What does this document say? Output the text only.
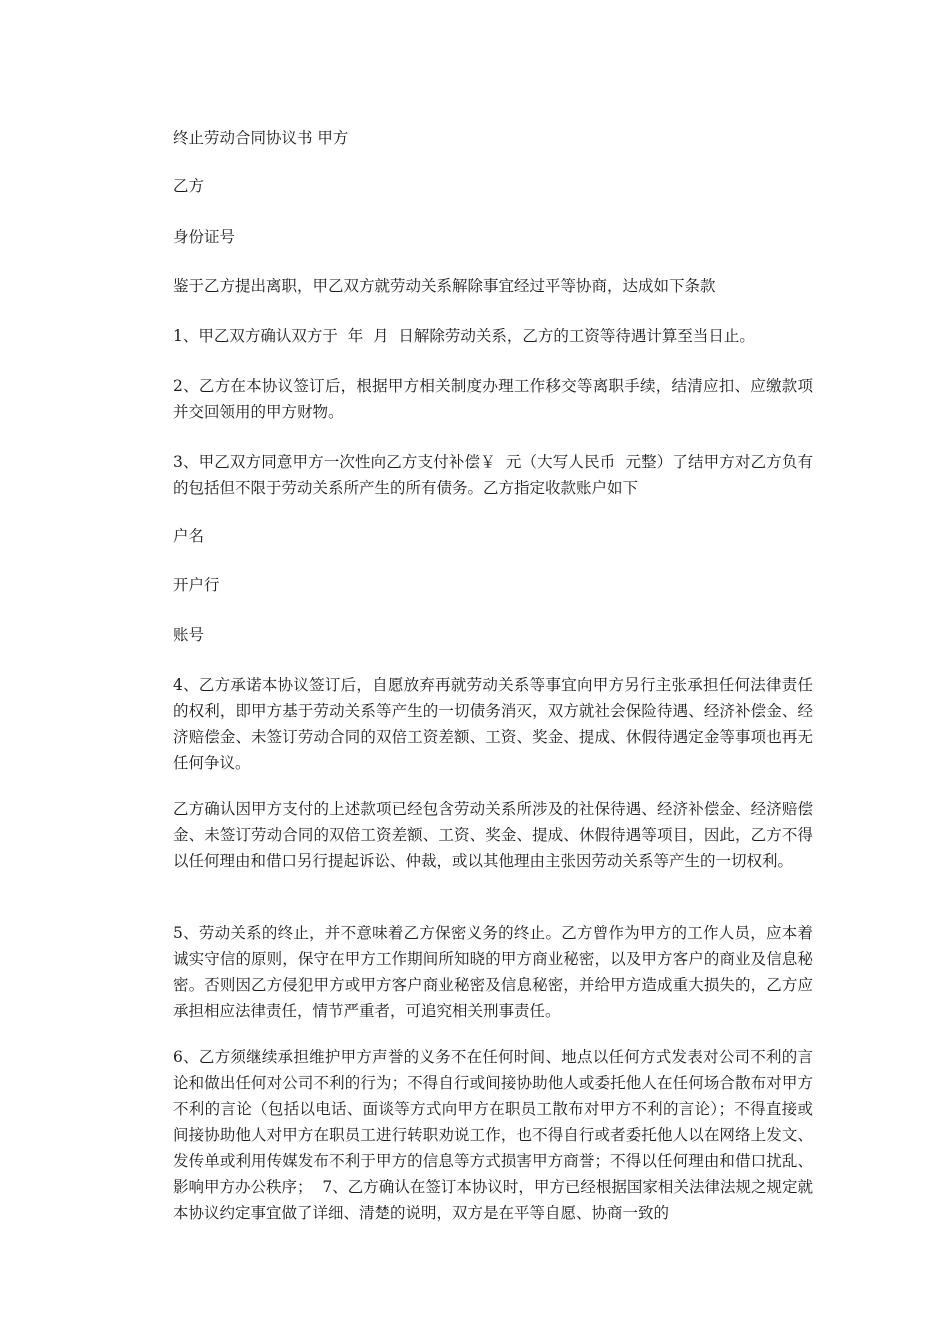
终止劳动合同协议书 甲方

乙方

身份证号

鉴于乙方提出离职，甲乙双方就劳动关系解除事宜经过平等协商，达成如下条款

1、甲乙双方确认双方于  年  月  日解除劳动关系，乙方的工资等待遇计算至当日止。

2、乙方在本协议签订后，根据甲方相关制度办理工作移交等离职手续，结清应扣、应缴款项并交回领用的甲方财物。

3、甲乙双方同意甲方一次性向乙方支付补偿￥  元（大写人民币  元整）了结甲方对乙方负有的包括但不限于劳动关系所产生的所有债务。乙方指定收款账户如下

户名

开户行

账号

4、乙方承诺本协议签订后，自愿放弃再就劳动关系等事宜向甲方另行主张承担任何法律责任的权利，即甲方基于劳动关系等产生的一切债务消灭，双方就社会保险待遇、经济补偿金、经济赔偿金、未签订劳动合同的双倍工资差额、工资、奖金、提成、休假待遇定金等事项也再无任何争议。

乙方确认因甲方支付的上述款项已经包含劳动关系所涉及的社保待遇、经济补偿金、经济赔偿金、未签订劳动合同的双倍工资差额、工资、奖金、提成、休假待遇等项目，因此，乙方不得以任何理由和借口另行提起诉讼、仲裁，或以其他理由主张因劳动关系等产生的一切权利。

5、劳动关系的终止，并不意味着乙方保密义务的终止。乙方曾作为甲方的工作人员，应本着诚实守信的原则，保守在甲方工作期间所知晓的甲方商业秘密，以及甲方客户的商业及信息秘密。否则因乙方侵犯甲方或甲方客户商业秘密及信息秘密，并给甲方造成重大损失的，乙方应承担相应法律责任，情节严重者，可追究相关刑事责任。

6、乙方须继续承担维护甲方声誉的义务不在任何时间、地点以任何方式发表对公司不利的言论和做出任何对公司不利的行为；不得自行或间接协助他人或委托他人在任何场合散布对甲方不利的言论（包括以电话、面谈等方式向甲方在职员工散布对甲方不利的言论）；不得直接或间接协助他人对甲方在职员工进行转职劝说工作，也不得自行或者委托他人以在网络上发文、发传单或利用传媒发布不利于甲方的信息等方式损害甲方商誉；不得以任何理由和借口扰乱、影响甲方办公秩序；  7、乙方确认在签订本协议时，甲方已经根据国家相关法律法规之规定就本协议约定事宜做了详细、清楚的说明，双方是在平等自愿、协商一致的
